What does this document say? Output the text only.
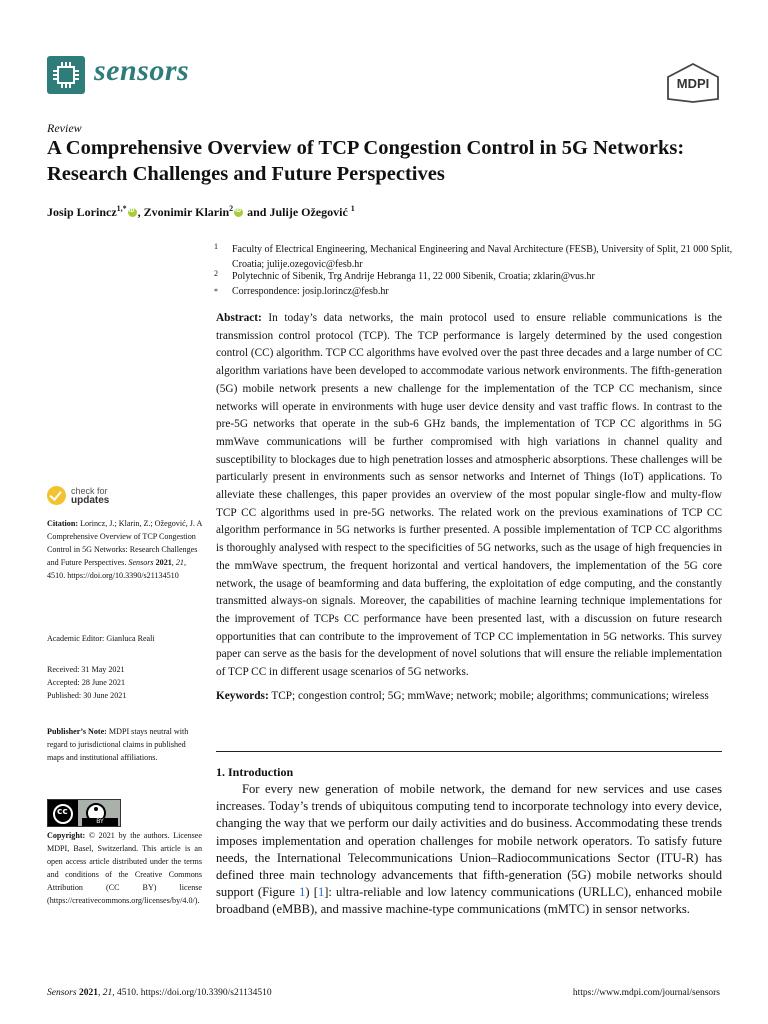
sensors	MDPI
Review
A Comprehensive Overview of TCP Congestion Control in 5G Networks: Research Challenges and Future Perspectives
Josip Lorincz$^{1,*}$iD , Zvonimir Klarin$^2$iD and Julije Ožegović $^1$
1 Faculty of Electrical Engineering, Mechanical Engineering and Naval Architecture (FESB), University of Split, 21 000 Split, Croatia; julije.ozegovic@fesb.hr
2 Polytechnic of Sibenik, Trg Andrije Hebranga 11, 22 000 Sibenik, Croatia; zklarin@vus.hr
* Correspondence: josip.lorincz@fesb.hr
Abstract: In today’s data networks, the main protocol used to ensure reliable communications is the transmission control protocol (TCP). The TCP performance is largely determined by the used congestion control (CC) algorithm. TCP CC algorithms have evolved over the past three decades and a large number of CC algorithm variations have been developed to accommodate various network environments. The fifth-generation (5G) mobile network presents a new challenge for the implementation of the TCP CC mechanism, since networks will operate in environments with huge user device density and vast traffic flows. In contrast to the pre-5G networks that operate in the sub-6 GHz bands, the implementation of TCP CC algorithms in 5G mmWave communications will be further compromised with high variations in channel quality and susceptibility to blockages due to high penetration losses and atmospheric absorptions. These challenges will be particularly present in environments such as sensor networks and Internet of Things (IoT) applications. To alleviate these challenges, this paper provides an overview of the most popular single-flow and multy-flow TCP CC algorithms used in pre-5G networks. The related work on the previous examinations of TCP CC algorithm performance in 5G networks is further presented. A possible implementation of TCP CC algorithms is thoroughly analysed with respect to the specificities of 5G networks, such as the usage of high frequencies in the mmWave spectrum, the frequent horizontal and vertical handovers, the implementation of the 5G core network, the usage of beamforming and data buffering, the exploitation of edge computing, and the constantly transmitted always-on signals. Moreover, the capabilities of machine learning technique implementations for the improvement of TCPs CC performance have been presented last, with a discussion on future research opportunities that can contribute to the improvement of TCP CC implementation in 5G networks. This survey paper can serve as the basis for the development of novel solutions that will ensure the reliable implementation of TCP CC in different usage scenarios of 5G networks.
Keywords: TCP; congestion control; 5G; mmWave; network; mobile; algorithms; communications; wireless
check for
updates
Citation: Lorincz, J.; Klarin, Z.; Ožegović, J. A Comprehensive Overview of TCP Congestion Control in 5G Networks: Research Challenges and Future Perspectives. Sensors 2021, 21, 4510. https://doi.org/10.3390/s21134510
Academic Editor: Gianluca Reali
Received: 31 May 2021
Accepted: 28 June 2021
Published: 30 June 2021
Publisher’s Note: MDPI stays neutral with regard to jurisdictional claims in published maps and institutional affiliations.
cc
BY
Copyright: © 2021 by the authors. Licensee MDPI, Basel, Switzerland. This article is an open access article distributed under the terms and conditions of the Creative Commons Attribution (CC BY) license (https://creativecommons.org/licenses/by/4.0/).
1. Introduction
For every new generation of mobile network, the demand for new services and use cases increases. Today’s trends of ubiquitous computing tend to incorporate technology into every device, changing the way that we perform our daily activities and do business. Accommodating these trends imposes implementation and operation challenges for mobile network operators. To satisfy future needs, the International Telecommunications Union–Radiocommunications Sector (ITU-R) has defined three main technology advancements that fifth-generation (5G) mobile networks should support (Figure 1) [1]: ultra-reliable and low latency communications (URLLC), enhanced mobile broadband (eMBB), and massive machine-type communications (mMTC) in sensor networks.
Sensors 2021, 21, 4510. https://doi.org/10.3390/s21134510	https://www.mdpi.com/journal/sensors
